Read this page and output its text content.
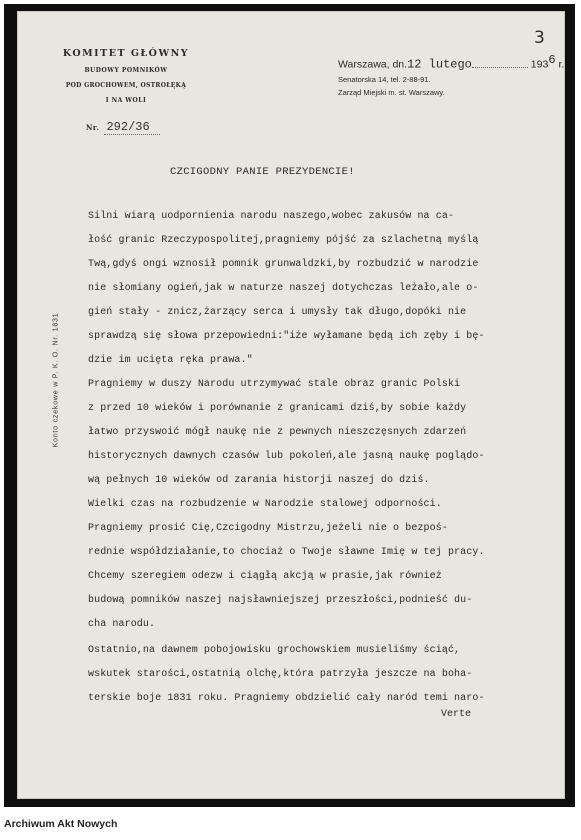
3
KOMITET GŁÓWNY
BUDOWY POMNIKÓW
POD GROCHOWEM, OSTROŁĘKĄ
I NA WOLI
Nr. 292/36
Warszawa, dn.12 lutego	$193^6$ r.
Senatorska 14, tel. 2-88-91.
Zarząd Miejski m. st. Warszawy.
Konto czekowe w P. K. O. Nr. 1831
CZCIGODNY PANIE PREZYDENCIE!
Silni wiarą uodpornienia narodu naszego,wobec zakusów na ca-
łość granic Rzeczypospolitej,pragniemy pójść za szlachetną myślą
Twą,gdyś ongi wznosił pomnik grunwaldzki,by rozbudzić w narodzie
nie słomiany ogień,jak w naturze naszej dotychczas leżało,ale o-
gień stały - znicz,żarzący serca i umysły tak długo,dopóki nie
sprawdzą się słowa przepowiedni:"iże wyłamane będą ich zęby i bę-
dzie im ucięta ręka prawa."
Pragniemy w duszy Narodu utrzymywać stale obraz granic Polski
z przed 10 wieków i porównanie z granicami dziś,by sobie każdy
łatwo przyswoić mógł naukę nie z pewnych nieszczęsnych zdarzeń
historycznych dawnych czasów lub pokoleń,ale jasną naukę poglądo-
wą pełnych 10 wieków od zarania historji naszej do dziś.
Wielki czas na rozbudzenie w Narodzie stalowej odporności.
Pragniemy prosić Cię,Czcigodny Mistrzu,jeżeli nie o bezpoś-
rednie współdziałanie,to chociaż o Twoje sławne Imię w tej pracy.
Chcemy szeregiem odezw i ciągłą akcją w prasie,jak również
budową pomników naszej najsławniejszej przeszłości,podnieść du-
cha narodu.
Ostatnio,na dawnem pobojowisku grochowskiem musieliśmy ściąć,
wskutek starości,ostatnią olchę,która patrzyła jeszcze na boha-
terskie boje 1831 roku. Pragniemy obdzielić cały naród temi naro-
Verte
Archiwum Akt Nowych
